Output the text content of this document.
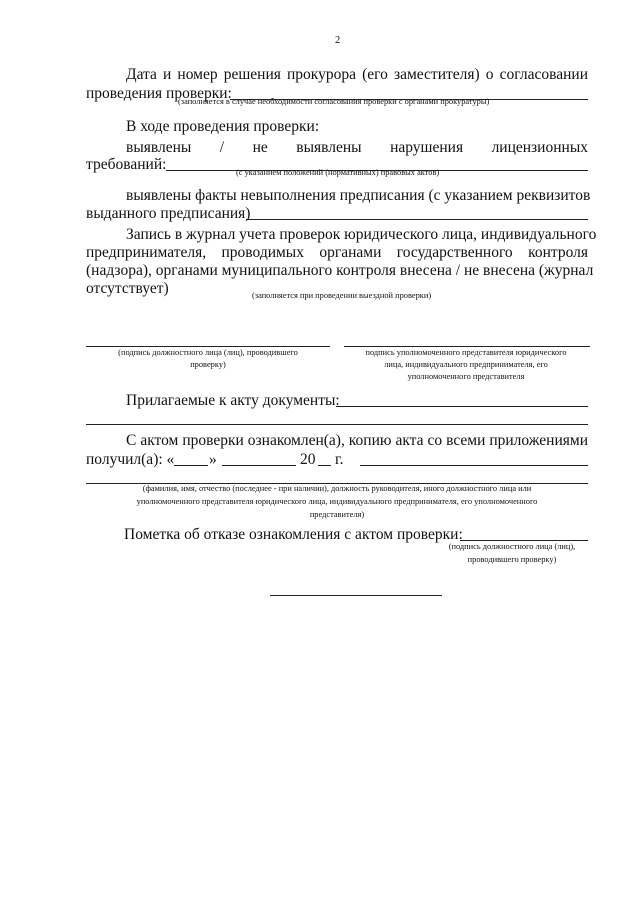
2
Дата и номер решения прокурора (его заместителя) о согласовании
проведения проверки:
(заполняется в случае необходимости согласования проверки с органами прокуратуры)
В ходе проведения проверки:
выявлены / не выявлены нарушения лицензионных
требований:	(с указанием положений (нормативных) правовых актов)
выявлены факты невыполнения предписания (с указанием реквизитов
выданного предписания)
Запись в журнал учета проверок юридического лица, индивидуального
предпринимателя, проводимых органами государственного контроля
(надзора), органами муниципального контроля внесена / не внесена (журнал
отсутствует)	(заполняется при проведении выездной проверки)
(подпись должностного лица (лиц), проводившего
проверку)
подпись уполномоченного представителя юридического
лица, индивидуального предпринимателя, его
уполномоченного представителя
Прилагаемые к акту документы:
С актом проверки ознакомлен(а), копию акта со всеми приложениями
получил(а): « »	20 г.
(фамилия, имя, отчество (последнее - при наличии), должность руководителя, иного должностного лица или
уполномоченного представителя юридического лица, индивидуального предпринимателя, его уполномоченного
представителя)
Пометка об отказе ознакомления с актом проверки:
(подпись должностного лица (лиц),
проводившего проверку)
